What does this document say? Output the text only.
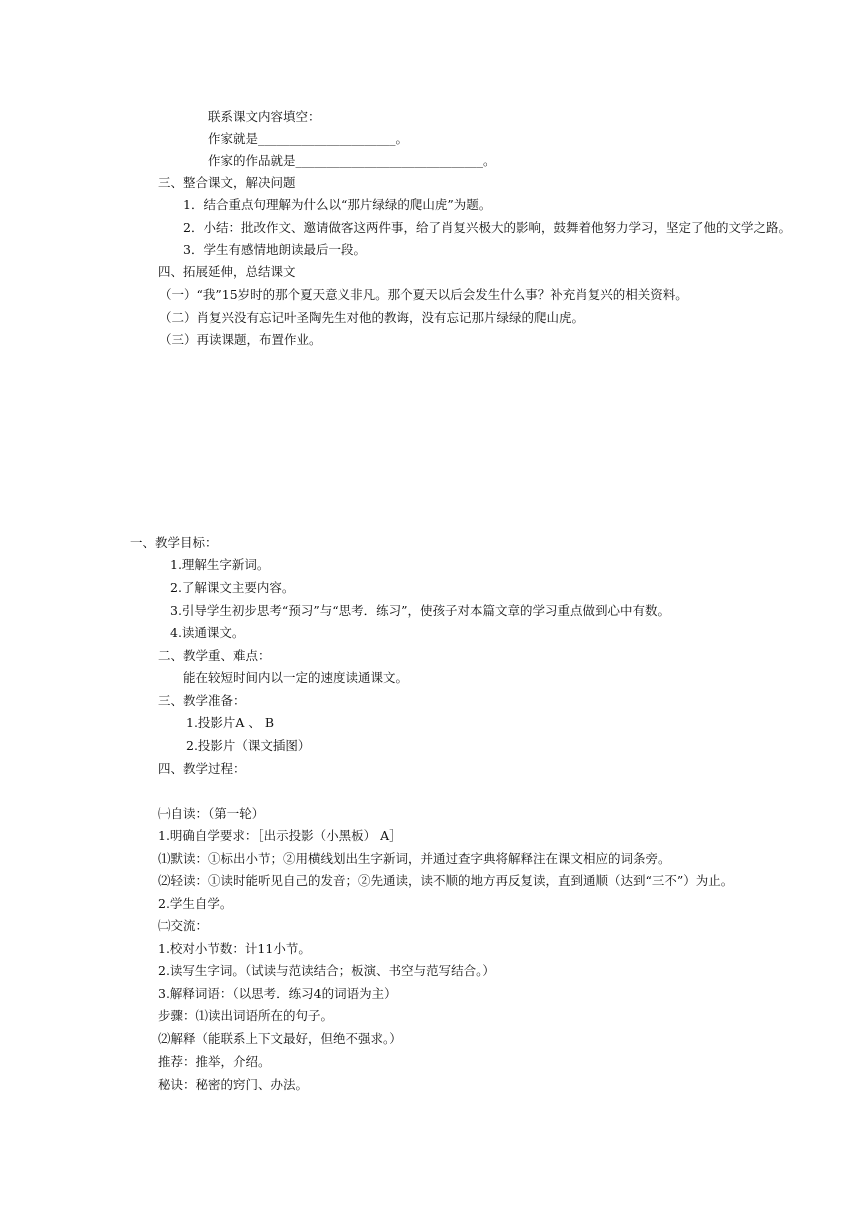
联系课文内容填空：
作家就是______________________。
作家的作品就是______________________________。
三、整合课文，解决问题
1．结合重点句理解为什么以“那片绿绿的爬山虎”为题。
2．小结：批改作文、邀请做客这两件事，给了肖复兴极大的影响，鼓舞着他努力学习，坚定了他的文学之路。
3．学生有感情地朗读最后一段。
四、拓展延伸，总结课文
（一）“我”15岁时的那个夏天意义非凡。那个夏天以后会发生什么事？补充肖复兴的相关资料。
（二）肖复兴没有忘记叶圣陶先生对他的教诲，没有忘记那片绿绿的爬山虎。
（三）再读课题，布置作业。
一、教学目标：
1.理解生字新词。
2.了解课文主要内容。
3.引导学生初步思考“预习”与“思考．练习”，使孩子对本篇文章的学习重点做到心中有数。
4.读通课文。
二、教学重、难点：
能在较短时间内以一定的速度读通课文。
三、教学准备：
1.投影片A 、 B
2.投影片（课文插图）
四、教学过程：
㈠自读：（第一轮）
1.明确自学要求：［出示投影（小黑板） A］
⑴默读：①标出小节；②用横线划出生字新词，并通过查字典将解释注在课文相应的词条旁。
⑵轻读：①读时能听见自己的发音；②先通读，读不顺的地方再反复读，直到通顺（达到“三不”）为止。
2.学生自学。
㈡交流：
1.校对小节数：计11小节。
2.读写生字词。（试读与范读结合；板演、书空与范写结合。）
3.解释词语：（以思考．练习4的词语为主）
步骤：⑴读出词语所在的句子。
⑵解释（能联系上下文最好，但绝不强求。）
推荐：推举，介绍。
秘诀：秘密的窍门、办法。
